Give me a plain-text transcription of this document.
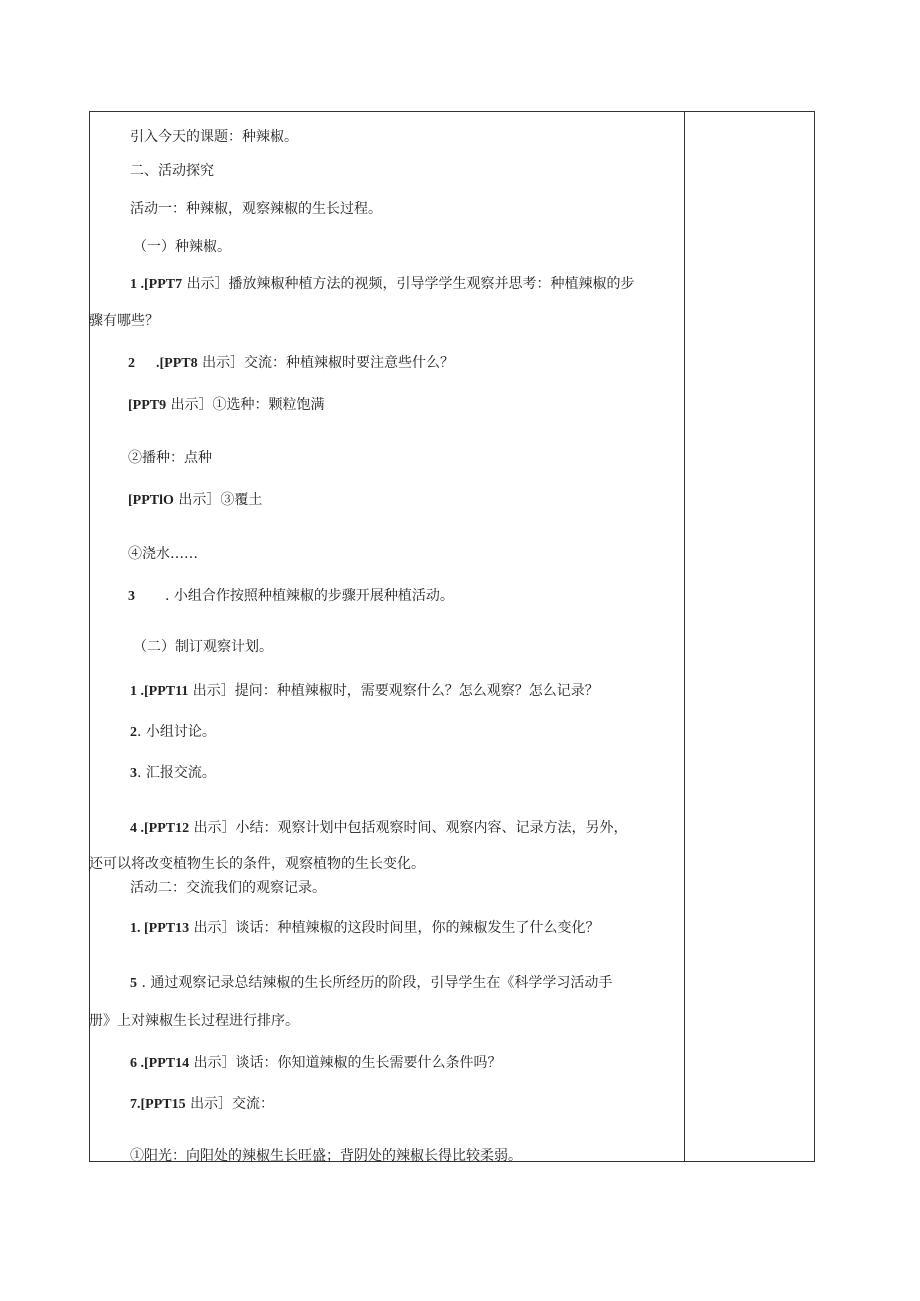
引入今天的课题：种辣椒。
二、活动探究
活动一：种辣椒，观察辣椒的生长过程。
（一）种辣椒。
1 .[PPT7 出示］播放辣椒种植方法的视频，引导学学生观察并思考：种植辣椒的步
骤有哪些？
2      .[PPT8 出示］交流：种植辣椒时要注意些什么？
[PPT9 出示］①选种：颗粒饱满
②播种：点种
[PPTlO 出示］③覆土
④浇水……
3 . 小组合作按照种植辣椒的步骤开展种植活动。
（二）制订观察计划。
1 .[PPT11 出示］提问：种植辣椒时，需要观察什么？怎么观察？怎么记录？
2. 小组讨论。
3. 汇报交流。
4 .[PPT12 出示］小结：观察计划中包括观察时间、观察内容、记录方法，另外，
还可以将改变植物生长的条件，观察植物的生长变化。
活动二：交流我们的观察记录。
1. [PPT13 出示］谈话：种植辣椒的这段时间里，你的辣椒发生了什么变化？
5 . 通过观察记录总结辣椒的生长所经历的阶段，引导学生在《科学学习活动手
册》上对辣椒生长过程进行排序。
6 .[PPT14 出示］谈话：你知道辣椒的生长需要什么条件吗？
7.[PPT15 出示］交流：
①阳光：向阳处的辣椒生长旺盛；背阴处的辣椒长得比较柔弱。
